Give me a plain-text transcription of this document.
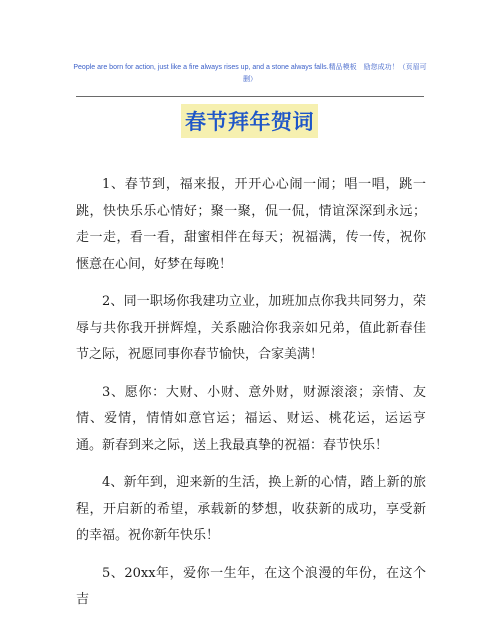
People are born for action, just like a fire always rises up, and a stone always falls.精品模板　励您成功！（页眉可删）
春节拜年贺词

1、春节到，福来报，开开心心闹一闹；唱一唱，跳一跳，快快乐乐心情好；聚一聚，侃一侃，情谊深深到永远；走一走，看一看，甜蜜相伴在每天；祝福满，传一传，祝你惬意在心间，好梦在每晚！

2、同一职场你我建功立业，加班加点你我共同努力，荣辱与共你我开拼辉煌，关系融洽你我亲如兄弟，值此新春佳节之际，祝愿同事你春节愉快，合家美满！

3、愿你：大财、小财、意外财，财源滚滚；亲情、友情、爱情，情情如意官运；福运、财运、桃花运，运运亨通。新春到来之际，送上我最真挚的祝福：春节快乐！

4、新年到，迎来新的生活，换上新的心情，踏上新的旅程，开启新的希望，承载新的梦想，收获新的成功，享受新的幸福。祝你新年快乐！

5、20xx年，爱你一生年，在这个浪漫的年份，在这个吉
